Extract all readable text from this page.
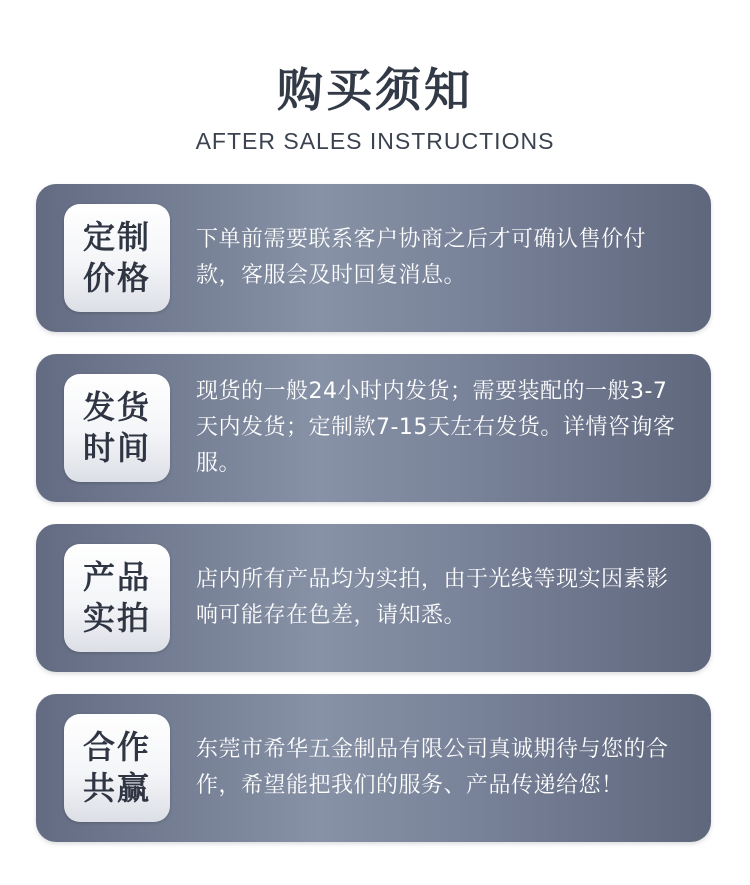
购买须知
AFTER SALES INSTRUCTIONS
定制价格
下单前需要联系客户协商之后才可确认售价付款，客服会及时回复消息。
发货时间
现货的一般24小时内发货；需要装配的一般3-7天内发货；定制款7-15天左右发货。详情咨询客服。
产品实拍
店内所有产品均为实拍，由于光线等现实因素影响可能存在色差，请知悉。
合作共赢
东莞市希华五金制品有限公司真诚期待与您的合作，希望能把我们的服务、产品传递给您！
